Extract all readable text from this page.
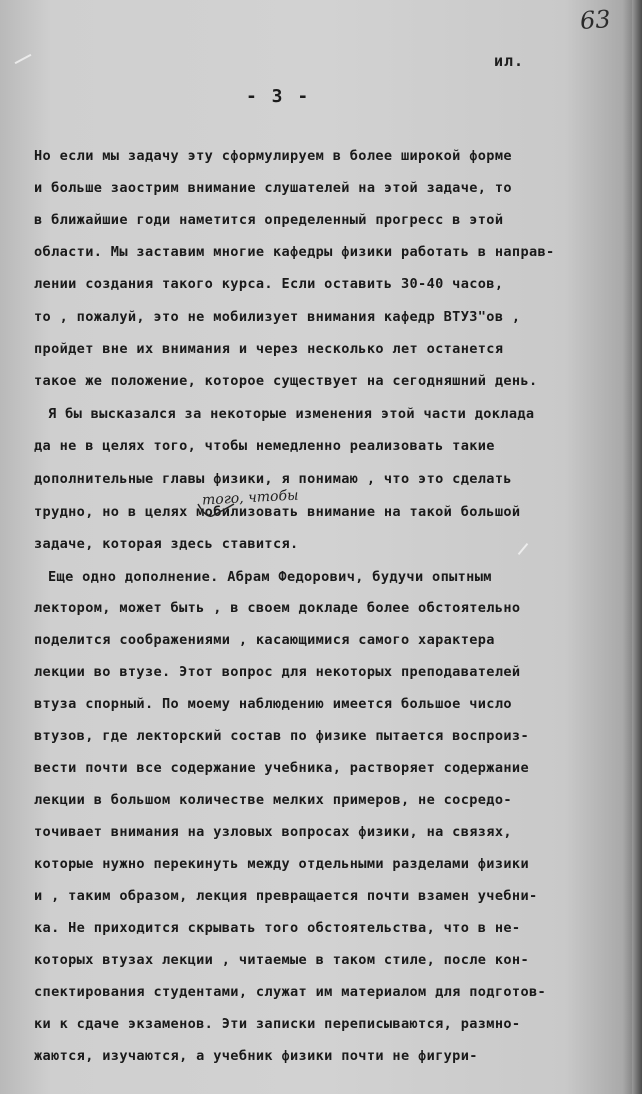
63
ил.
- 3 -
Но если мы задачу эту сформулируем в более широкой форме
и больше заострим внимание слушателей на этой задаче, то
в ближайшие годи наметится определенный прогресс в этой
области. Мы заставим многие кафедры физики работать в направ-
лении создания такого курса. Если оставить 30-40 часов,
то , пожалуй, это не мобилизует внимания кафедр ВТУЗ"ов ,
пройдет вне их внимания и через несколько лет останется
такое же положение, которое существует на сегодняшний день.
Я бы высказался за некоторые изменения этой части доклада
да не в целях того, чтобы немедленно реализовать такие
дополнительные главы физики, я понимаю , что это сделать
трудно, но в целях мобилизовать внимание на такой большой
задаче, которая здесь ставится.
Еще одно дополнение. Абрам Федорович, будучи опытным
лектором, может быть , в своем докладе более обстоятельно
поделится соображениями , касающимися самого характера
лекции во втузе. Этот вопрос для некоторых преподавателей
втуза спорный. По моему наблюдению имеется большое число
втузов, где лекторский состав по физике пытается воспроиз-
вести почти все содержание учебника, растворяет содержание
лекции в большом количестве мелких примеров, не сосредо-
точивает внимания на узловых вопросах физики, на связях,
которые нужно перекинуть между отдельными разделами физики
и , таким образом, лекция превращается почти взамен учебни-
ка. Не приходится скрывать того обстоятельства, что в не-
которых втузах лекции , читаемые в таком стиле, после кон-
спектирования студентами, служат им материалом для подготов-
ки к сдаче экзаменов. Эти записки переписываются, размно-
жаются, изучаются, а учебник физики почти не фигури-
того, чтобы
